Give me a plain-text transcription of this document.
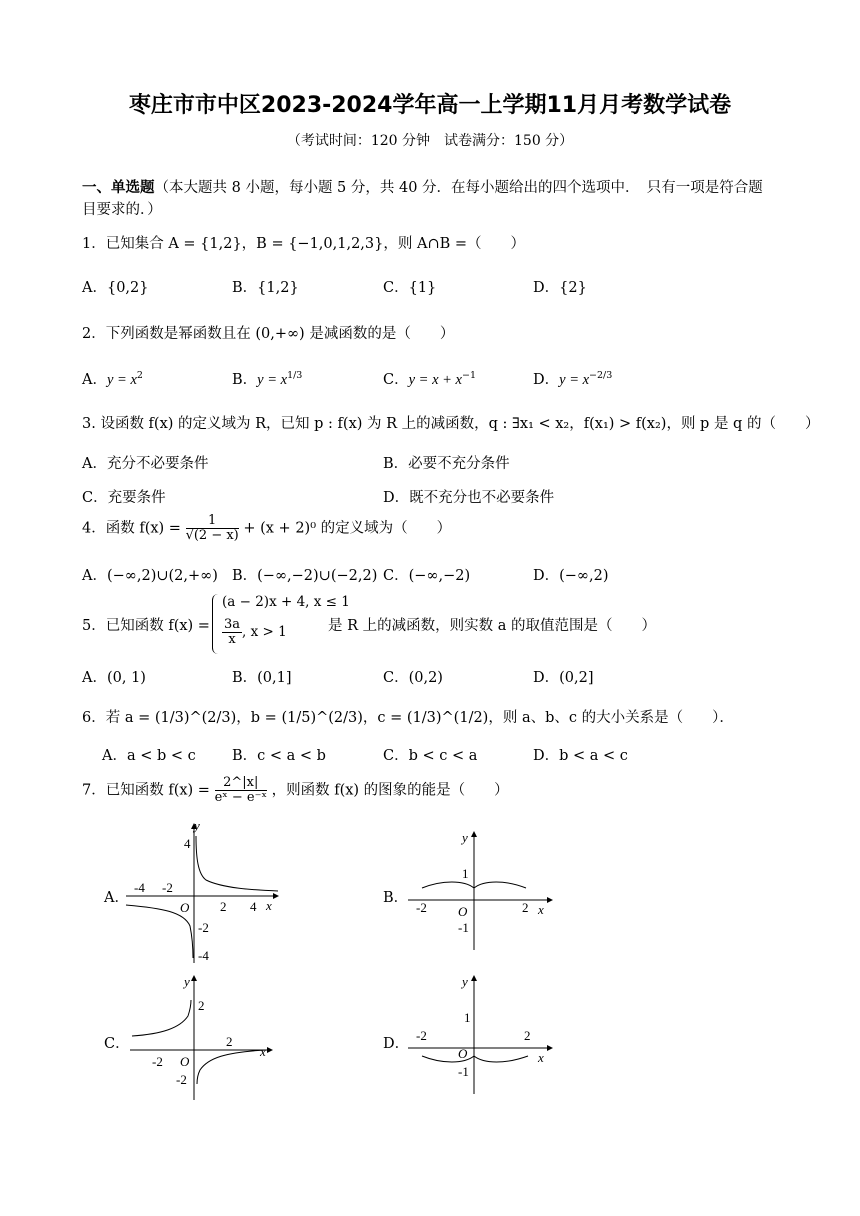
枣庄市市中区2023-2024学年高一上学期11月月考数学试卷
（考试时间：120 分钟　试卷满分：150 分）
一、单选题（本大题共 8 小题，每小题 5 分，共 40 分．在每小题给出的四个选项中．　只有一项是符合题
目要求的．）
1．已知集合 A = {1,2}，B = {−1,0,1,2,3}，则 A∩B =（　　）
A．{0,2}	B．{1,2}	C．{1}	D．{2}
2．下列函数是幂函数且在 (0,+∞) 是减函数的是（　　）
A．$y = x^2$	B．$y = x^{1/3}$	C．$y = x + x^{-1}$	D．$y = x^{-2/3}$
3. 设函数 f(x) 的定义域为 R，已知 p : f(x) 为 R 上的减函数，q : ∃x₁ < x₂，f(x₁) > f(x₂)，则 p 是 q 的（　　）
A．充分不必要条件	B．必要不充分条件
C．充要条件	D．既不充分也不必要条件
4．函数 $f(x) = \frac{1}{√(2 - x)} + (x + 2)^0$ 的定义域为（　　）
A．(−∞,2)∪(2,+∞) B．(−∞,−2)∪(−2,2) C．(−∞,−2)	D．(−∞,2)
5．已知函数 f(x) =
(a − 2)x + 4, x ≤ 1
$\frac{3a}{x}$ , x > 1	是 R 上的减函数，则实数 a 的取值范围是（　　）
A．(0, 1)	B．(0,1]	C．(0,2)	D．(0,2]
6．若 a = (1/3)^(2/3)，b = (1/5)^(2/3)，c = (1/3)^(1/2)，则 a、b、c 的大小关系是（　　）．
A．a < b < c B．c < a < b	C．b < c < a	D．b < a < c
7．已知函数 $f(x) = \frac{2\^{}|x|}{\text{eˣ − e⁻ˣ}}$ ，则函数 f(x) 的图象的能是（　　）
A．	B．
C．	D．
y
x
O
-4 -2
2 4
4
-2
-4
y
x
O
-2	2
1
-1
y
x
O
-2
2
2
-2
y
x
O
-2	2
1
-1
